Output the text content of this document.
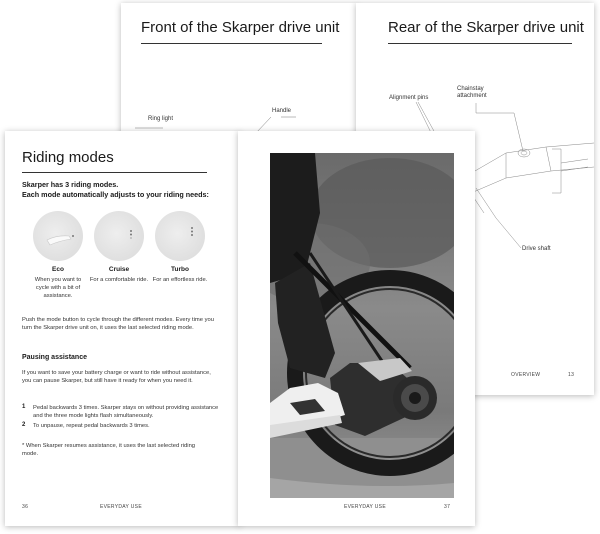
Front of the Skarper drive unit
Ring light
Handle
Rear of the Skarper drive unit
Alignment pins
Chainstay attachment
Drive shaft
OVERVIEW	13
Riding modes
Skarper has 3 riding modes.
Each mode automatically adjusts to your riding needs:
Eco
When you want to cycle with a bit of assistance.
Cruise
For a comfortable ride.
Turbo
For an effortless ride.
Push the mode button to cycle through the different modes. Every time you turn the Skarper drive unit on, it uses the last selected riding mode.
Pausing assistance
If you want to save your battery charge or want to ride without assistance, you can pause Skarper, but still have it ready for when you need it.
1 Pedal backwards 3 times. Skarper stays on without providing assistance and the three mode lights flash simultaneously.
2 To unpause, repeat pedal backwards 3 times.
* When Skarper resumes assistance, it uses the last selected riding mode.
36	EVERYDAY USE	EVERYDAY USE	37
